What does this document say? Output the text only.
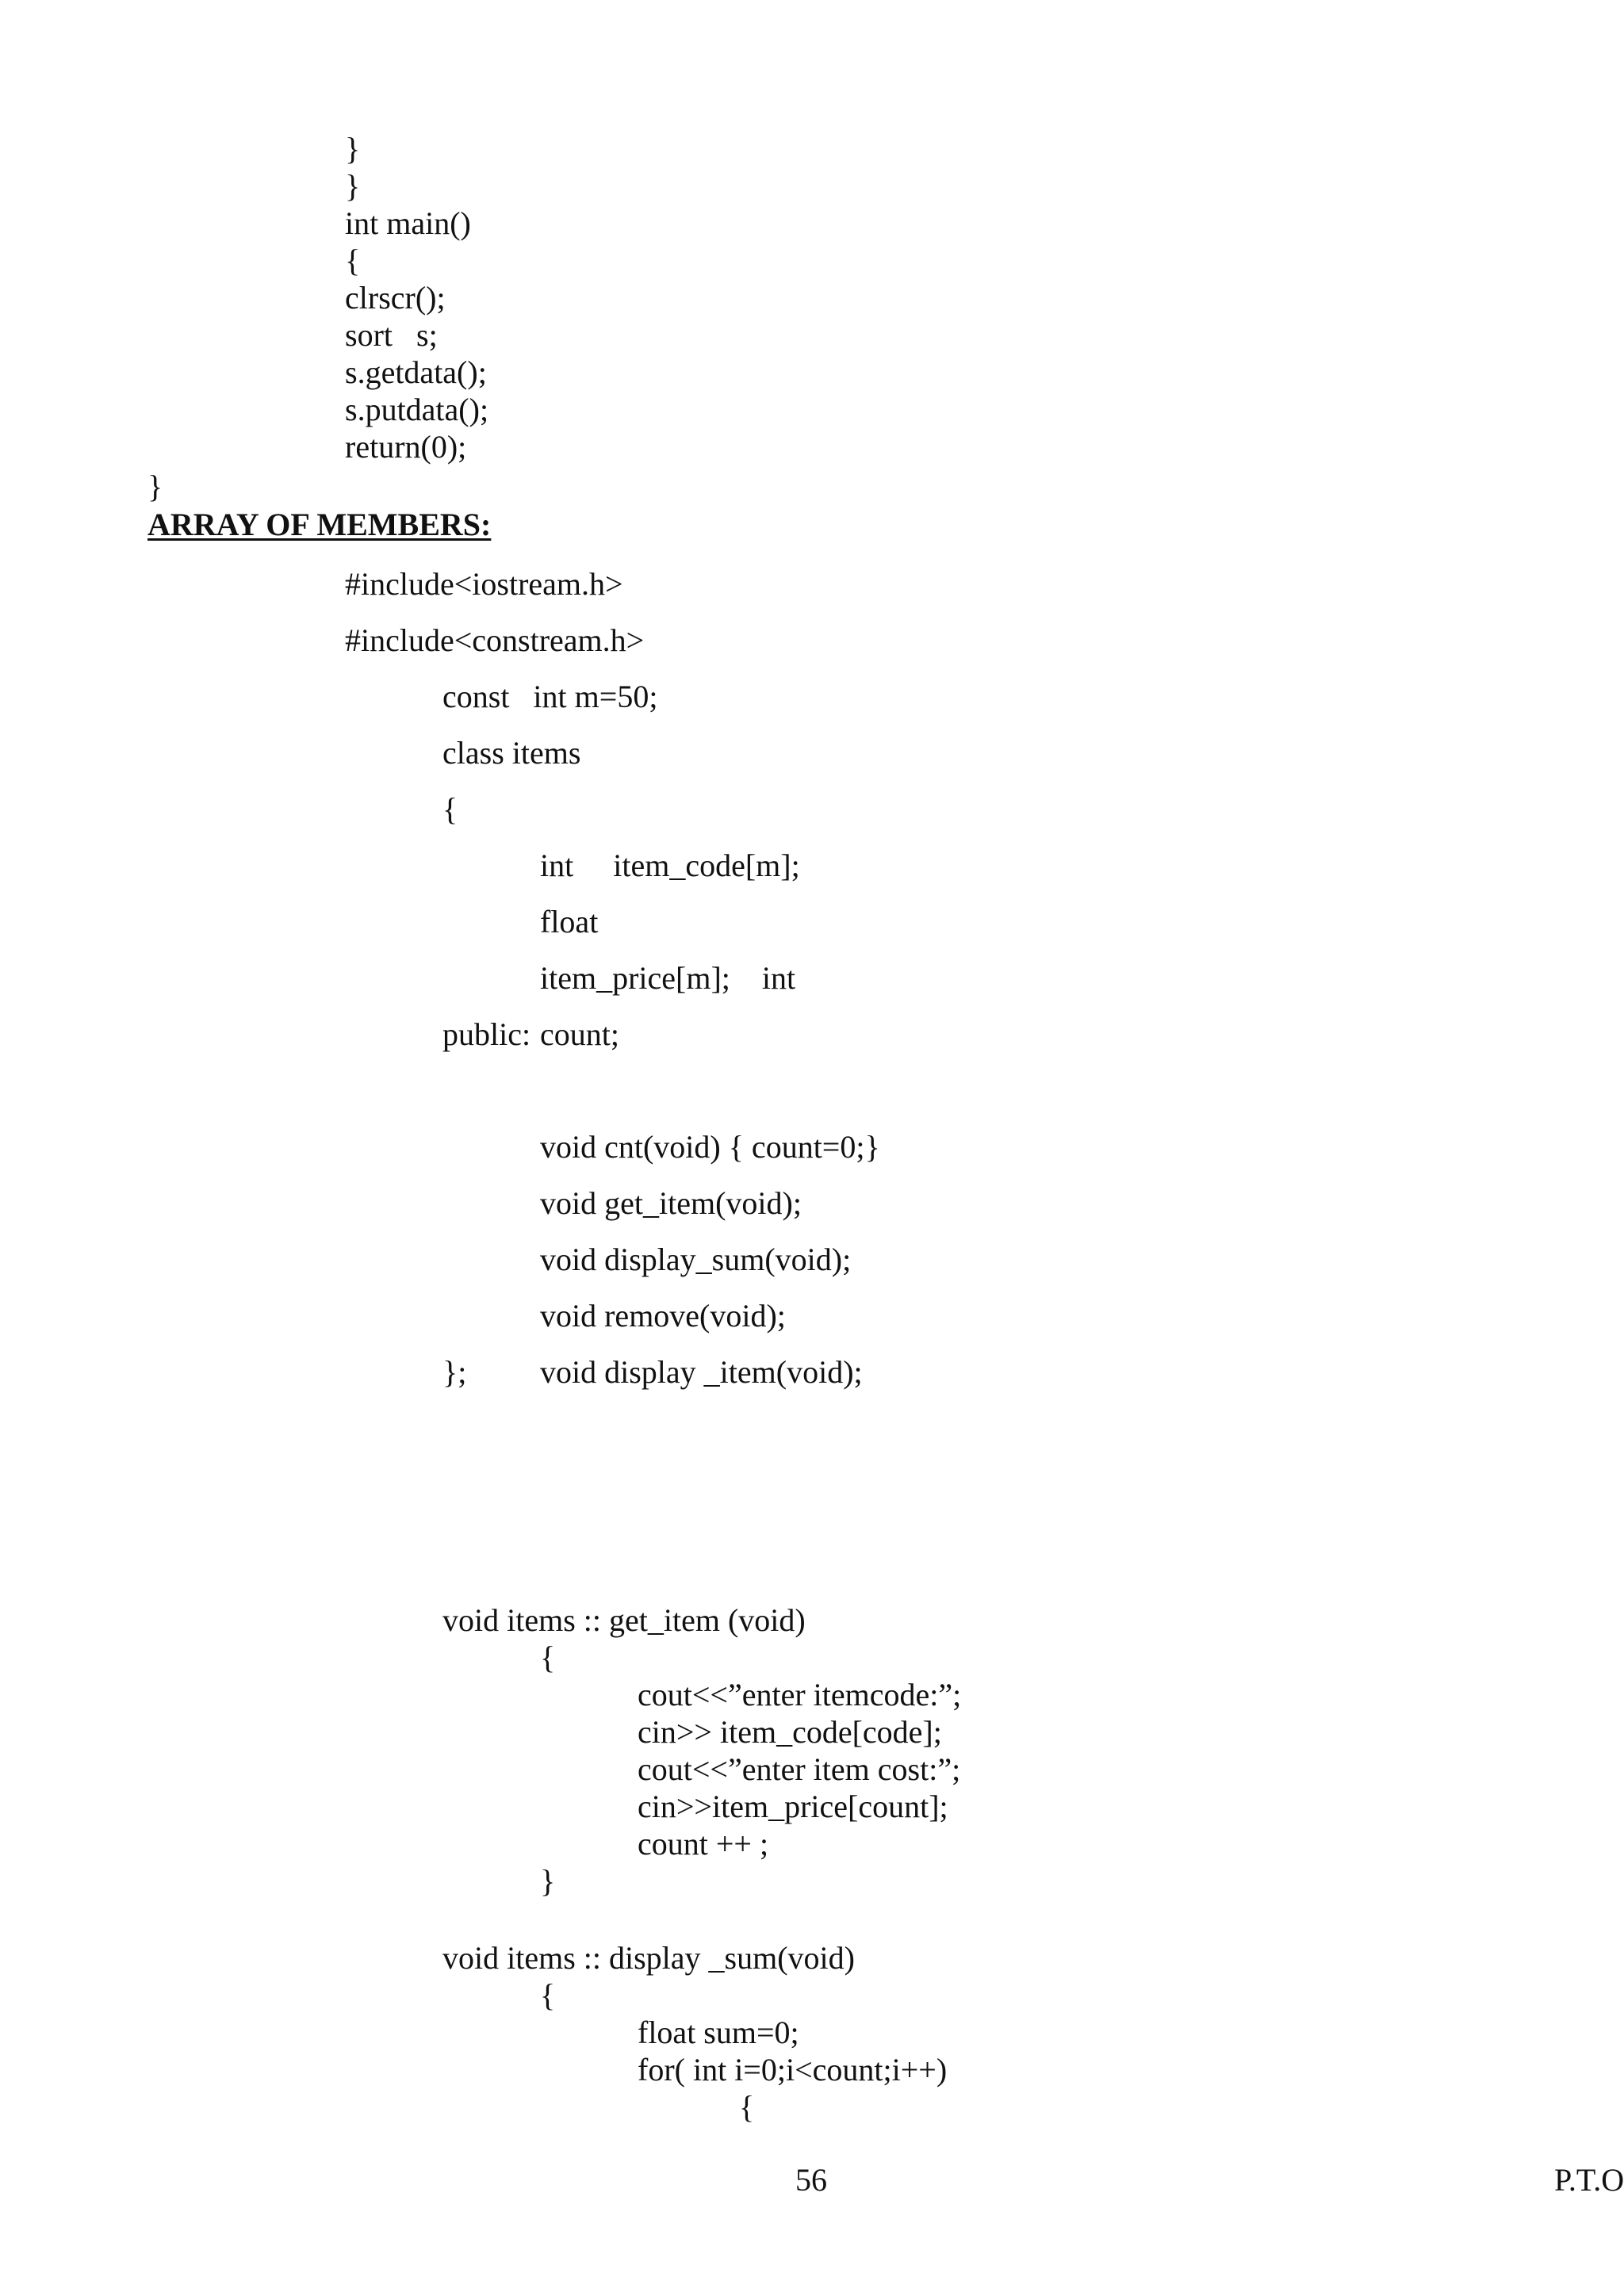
}
}
int main()
{
clrscr();
sort   s;
s.getdata();
s.putdata();
return(0);
}
ARRAY OF MEMBERS:
#include<iostream.h>
#include<constream.h>
const   int m=50;
class items
{
int     item_code[m];
float
item_price[m];    int
public: count;
void cnt(void) { count=0;}
void get_item(void);
void display_sum(void);
void remove(void);
}; void display _item(void);
void items :: get_item (void)
{
cout<<”enter itemcode:”;
cin>> item_code[code];
cout<<”enter item cost:”;
cin>>item_price[count];
count ++ ;
}
void items :: display _sum(void)
{
float sum=0;
for( int i=0;i<count;i++)
{
56	P.T.O
